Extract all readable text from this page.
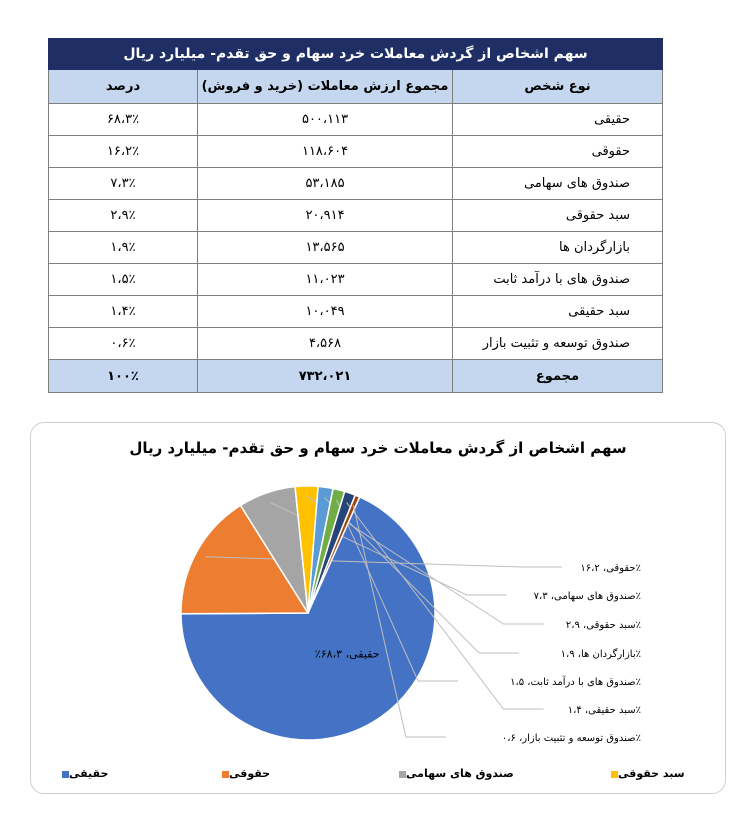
سهم اشخاص از گردش معاملات خرد سهام و حق تقدم- میلیارد ریال		
نوع شخص	مجموع ارزش معاملات (خرید و فروش)	درصد
حقیقی	۵۰۰،۱۱۳	۶۸،۳٪
حقوقی	۱۱۸،۶۰۴	۱۶،۲٪
صندوق های سهامی	۵۳،۱۸۵	۷،۳٪
سبد حقوقی	۲۰،۹۱۴	۲،۹٪
بازارگردان ها	۱۳،۵۶۵	۱،۹٪
صندوق های با درآمد ثابت	۱۱،۰۲۳	۱،۵٪
سبد حقیقی	۱۰،۰۴۹	۱،۴٪
صندوق توسعه و تثبیت بازار	۴،۵۶۸	۰،۶٪
مجموع	۷۳۲،۰۲۱	۱۰۰٪
سهم اشخاص از گردش معاملات خرد سهام و حق تقدم- میلیارد ریال
حقیقی، ۶۸،۳٪
حقوقی، ۱۶،۲٪
صندوق های سهامی، ۷،۳٪
سبد حقوقی، ۲،۹٪
بازارگردان ها، ۱،۹٪
صندوق های با درآمد ثابت، ۱،۵٪
سبد حقیقی، ۱،۴٪
صندوق توسعه و تثبیت بازار، ۰،۶٪
حقیقی	حقوقی	صندوق های سهامی	سبد حقوقی
